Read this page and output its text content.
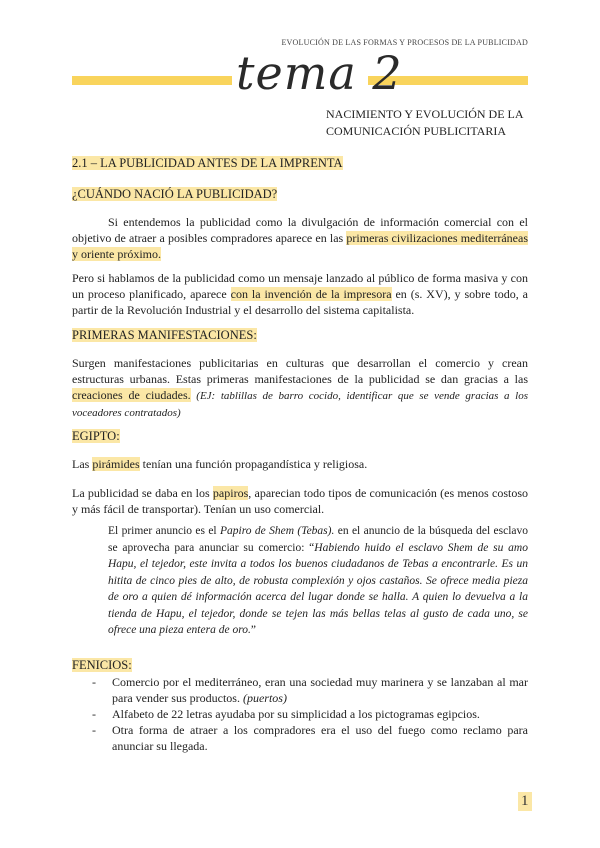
EVOLUCIÓN DE LAS FORMAS Y PROCESOS DE LA PUBLICIDAD
tema 2
NACIMIENTO Y EVOLUCIÓN DE LA
COMUNICACIÓN PUBLICITARIA
2.1 – LA PUBLICIDAD ANTES DE LA IMPRENTA
¿CUÁNDO NACIÓ LA PUBLICIDAD?
Si entendemos la publicidad como la divulgación de información comercial con el objetivo de atraer a posibles compradores aparece en las primeras civilizaciones mediterráneas y oriente próximo.
Pero si hablamos de la publicidad como un mensaje lanzado al público de forma masiva y con un proceso planificado, aparece con la invención de la impresora en (s. XV), y sobre todo, a partir de la Revolución Industrial y el desarrollo del sistema capitalista.
PRIMERAS MANIFESTACIONES:
Surgen manifestaciones publicitarias en culturas que desarrollan el comercio y crean estructuras urbanas. Estas primeras manifestaciones de la publicidad se dan gracias a las creaciones de ciudades. (EJ: tablillas de barro cocido, identificar que se vende gracias a los voceadores contratados)
EGIPTO:
Las pirámides tenían una función propagandística y religiosa.
La publicidad se daba en los papiros, aparecian todo tipos de comunicación (es menos costoso y más fácil de transportar). Tenían un uso comercial.
El primer anuncio es el Papiro de Shem (Tebas). en el anuncio de la búsqueda del esclavo se aprovecha para anunciar su comercio: “Habiendo huido el esclavo Shem de su amo Hapu, el tejedor, este invita a todos los buenos ciudadanos de Tebas a encontrarle. Es un hitita de cinco pies de alto, de robusta complexión y ojos castaños. Se ofrece media pieza de oro a quien dé información acerca del lugar donde se halla. A quien lo devuelva a la tienda de Hapu, el tejedor, donde se tejen las más bellas telas al gusto de cada uno, se ofrece una pieza entera de oro.”
FENICIOS:
- Comercio por el mediterráneo, eran una sociedad muy marinera y se lanzaban al mar para vender sus productos. (puertos)
- Alfabeto de 22 letras ayudaba por su simplicidad a los pictogramas egipcios.
- Otra forma de atraer a los compradores era el uso del fuego como reclamo para anunciar su llegada.
1
